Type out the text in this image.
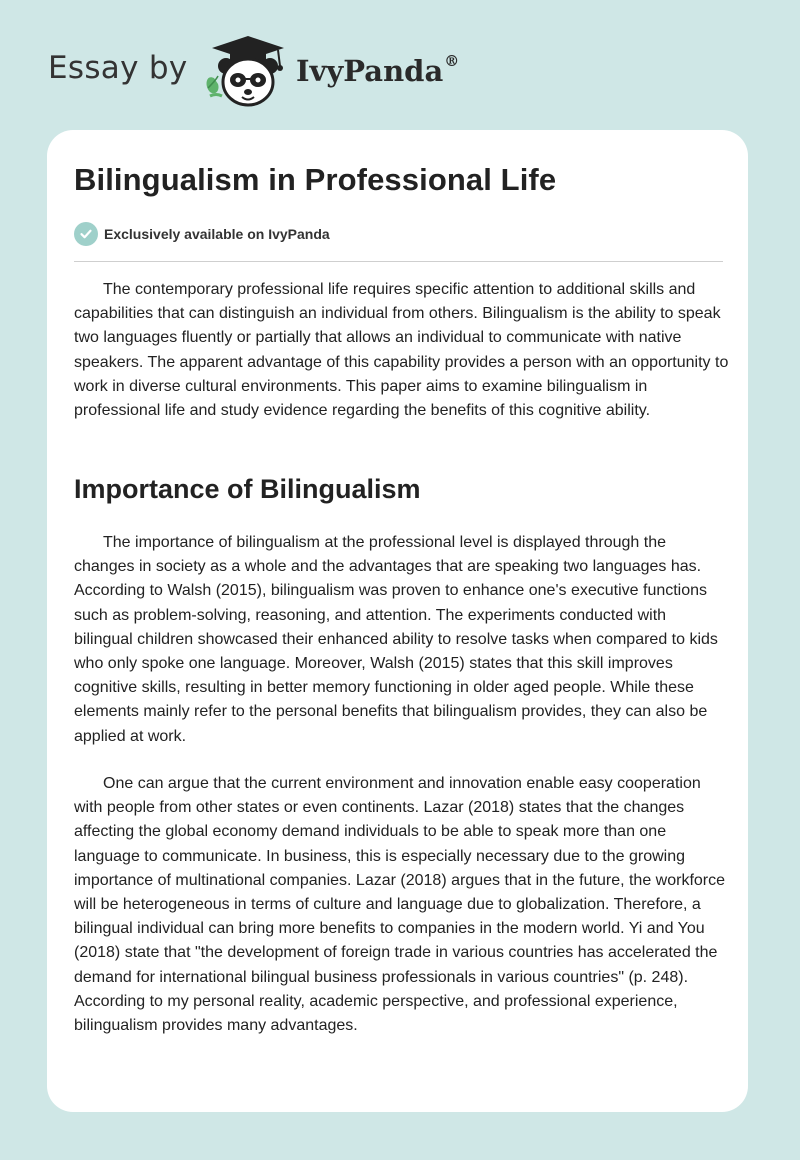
Essay by	IvyPanda®
Bilingualism in Professional Life
Exclusively available on IvyPanda

The contemporary professional life requires specific attention to additional skills and capabilities that can distinguish an individual from others. Bilingualism is the ability to speak two languages fluently or partially that allows an individual to communicate with native speakers. The apparent advantage of this capability provides a person with an opportunity to work in diverse cultural environments. This paper aims to examine bilingualism in professional life and study evidence regarding the benefits of this cognitive ability.

Importance of Bilingualism

The importance of bilingualism at the professional level is displayed through the changes in society as a whole and the advantages that are speaking two languages has. According to Walsh (2015), bilingualism was proven to enhance one's executive functions such as problem-solving, reasoning, and attention. The experiments conducted with bilingual children showcased their enhanced ability to resolve tasks when compared to kids who only spoke one language. Moreover, Walsh (2015) states that this skill improves cognitive skills, resulting in better memory functioning in older aged people. While these elements mainly refer to the personal benefits that bilingualism provides, they can also be applied at work.

One can argue that the current environment and innovation enable easy cooperation with people from other states or even continents. Lazar (2018) states that the changes affecting the global economy demand individuals to be able to speak more than one language to communicate. In business, this is especially necessary due to the growing importance of multinational companies. Lazar (2018) argues that in the future, the workforce will be heterogeneous in terms of culture and language due to globalization. Therefore, a bilingual individual can bring more benefits to companies in the modern world. Yi and You (2018) state that "the development of foreign trade in various countries has accelerated the demand for international bilingual business professionals in various countries" (p. 248). According to my personal reality, academic perspective, and professional experience, bilingualism provides many advantages.
